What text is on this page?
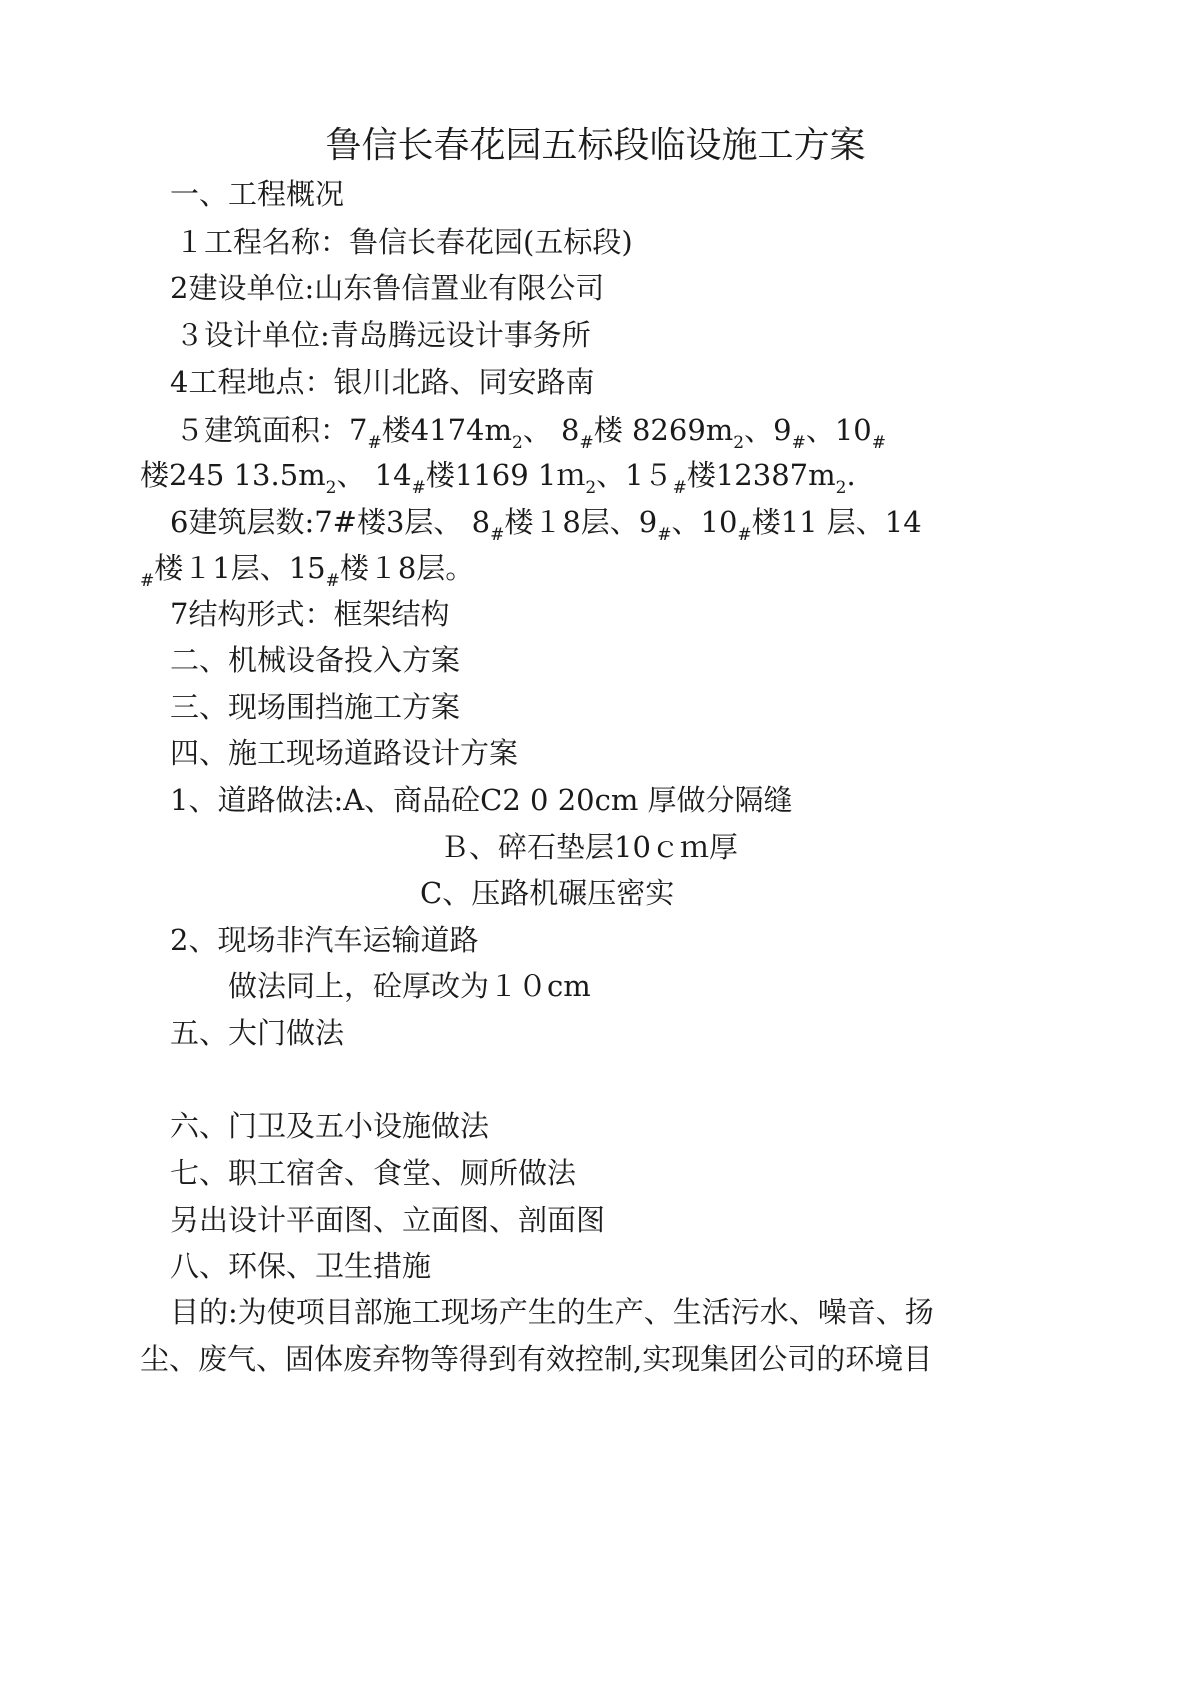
鲁信长春花园五标段临设施工方案
一、工程概况
１工程名称：鲁信长春花园(五标段)
2建设单位:山东鲁信置业有限公司
３设计单位:青岛腾远设计事务所
4工程地点：银川北路、同安路南
５建筑面积：$7_{\#}$楼$4174m_2$、 $8_{\#}$楼 $8269m_2$、$9_{\#}$、$10_{\#}$
楼245 $13.5m_2$、 $14_{\#}$楼1169 1ｍ$_2$、$15_{\#}$楼$12387m_2$.
6建筑层数:7#楼3层、 $8_{\#}$楼１8层、$9_{\#}$、$10_{\#}$楼11 层、14
$_{\#}$楼１1层、$15_{\#}$楼１8层。
7结构形式：框架结构
二、机械设备投入方案
三、现场围挡施工方案
四、施工现场道路设计方案
1、道路做法:A、商品砼C2 0 20cm 厚做分隔缝
Ｂ、碎石垫层10ｃｍ厚
C、压路机碾压密实
2、现场非汽车运输道路
做法同上，砼厚改为１０cm
五、大门做法
六、门卫及五小设施做法
七、职工宿舍、食堂、厕所做法
另出设计平面图、立面图、剖面图
八、环保、卫生措施
目的:为使项目部施工现场产生的生产、生活污水、噪音、扬
尘、废气、固体废弃物等得到有效控制,实现集团公司的环境目
